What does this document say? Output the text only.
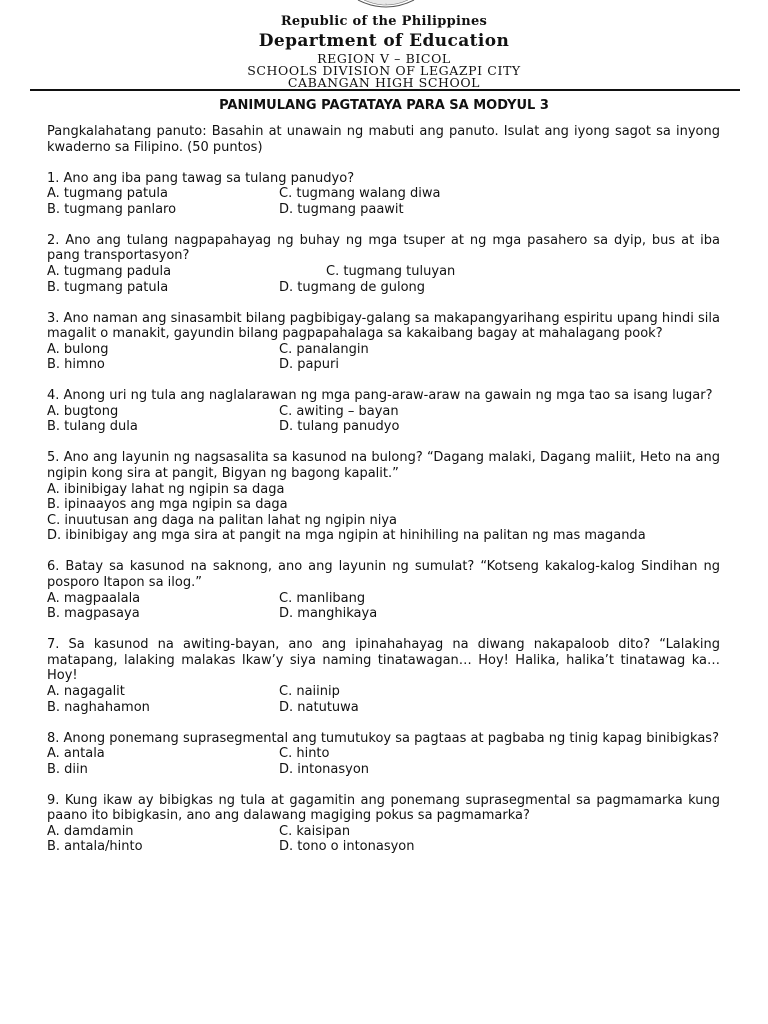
~
Republic of the Philippines
Department of Education
REGION V – BICOL
SCHOOLS DIVISION OF LEGAZPI CITY
CABANGAN HIGH SCHOOL
PANIMULANG PAGTATAYA PARA SA MODYUL 3
Pangkalahatang panuto: Basahin at unawain ng mabuti ang panuto. Isulat ang iyong sagot sa inyong kwaderno sa Filipino. (50 puntos)
1. Ano ang iba pang tawag sa tulang panudyo?
A. tugmang patula	C. tugmang walang diwa
B. tugmang panlaro	D. tugmang paawit
2. Ano ang tulang nagpapahayag ng buhay ng mga tsuper at ng mga pasahero sa dyip, bus at iba pang transportasyon?
A. tugmang padula	C. tugmang tuluyan
B. tugmang patula	D. tugmang de gulong
3. Ano naman ang sinasambit bilang pagbibigay-galang sa makapangyarihang espiritu upang hindi sila magalit o manakit, gayundin bilang pagpapahalaga sa kakaibang bagay at mahalagang pook?
A. bulong	C. panalangin
B. himno	D. papuri
4. Anong uri ng tula ang naglalarawan ng mga pang-araw-araw na gawain ng mga tao sa isang lugar?
A. bugtong	C. awiting – bayan
B. tulang dula	D. tulang panudyo
5. Ano ang layunin ng nagsasalita sa kasunod na bulong? “Dagang malaki, Dagang maliit, Heto na ang ngipin kong sira at pangit, Bigyan ng bagong kapalit.”
A. ibinibigay lahat ng ngipin sa daga
B. ipinaayos ang mga ngipin sa daga
C. inuutusan ang daga na palitan lahat ng ngipin niya
D. ibinibigay ang mga sira at pangit na mga ngipin at hinihiling na palitan ng mas maganda
6. Batay sa kasunod na saknong, ano ang layunin ng sumulat? “Kotseng kakalog-kalog Sindihan ng posporo Itapon sa ilog.”
A. magpaalala	C. manlibang
B. magpasaya	D. manghikaya
7. Sa kasunod na awiting-bayan, ano ang ipinahahayag na diwang nakapaloob dito? “Lalaking matapang, lalaking malakas Ikaw’y siya naming tinatawagan… Hoy! Halika, halika’t tinatawag ka… Hoy!
A. nagagalit	C. naiinip
B. naghahamon	D. natutuwa
8. Anong ponemang suprasegmental ang tumutukoy sa pagtaas at pagbaba ng tinig kapag binibigkas?
A. antala	C. hinto
B. diin	D. intonasyon
9. Kung ikaw ay bibigkas ng tula at gagamitin ang ponemang suprasegmental sa pagmamarka kung paano ito bibigkasin, ano ang dalawang magiging pokus sa pagmamarka?
A. damdamin	C. kaisipan
B. antala/hinto	D. tono o intonasyon
